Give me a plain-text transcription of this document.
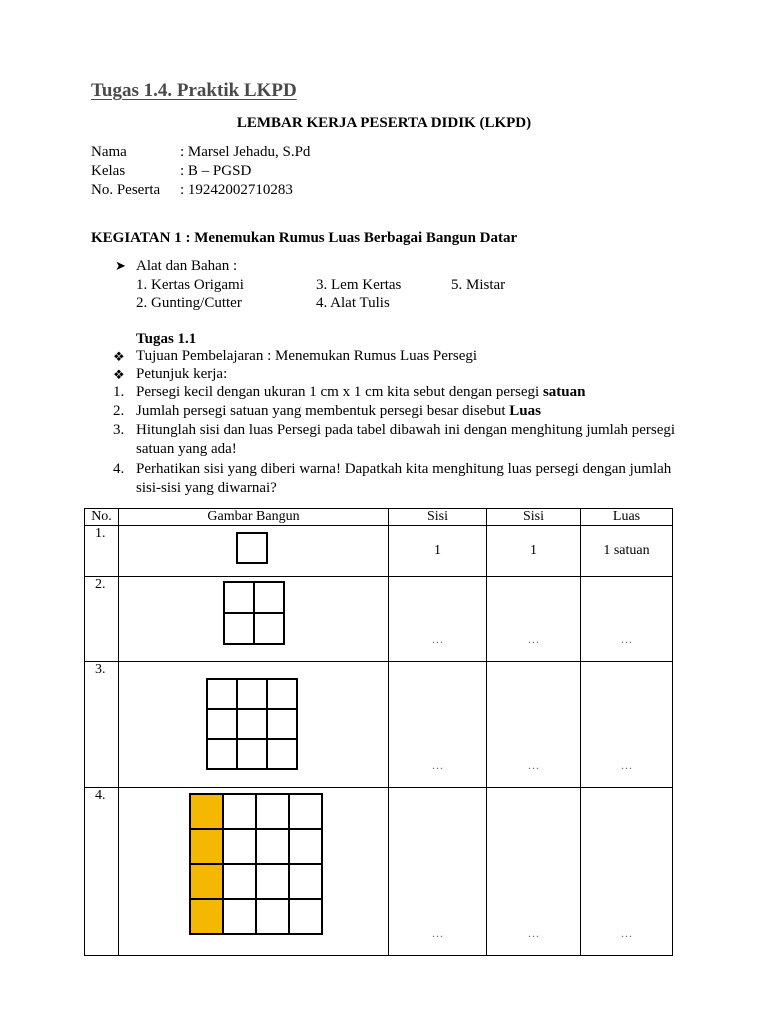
Tugas 1.4. Praktik LKPD
LEMBAR KERJA PESERTA DIDIK (LKPD)
Nama	: Marsel Jehadu, S.Pd
Kelas	: B – PGSD
No. Peserta : 19242002710283
KEGIATAN 1 : Menemukan Rumus Luas Berbagai Bangun Datar
➤ Alat dan Bahan :
1. Kertas Origami
2. Gunting/Cutter
3. Lem Kertas
4. Alat Tulis
5. Mistar
Tugas 1.1
❖ Tujuan Pembelajaran : Menemukan Rumus Luas Persegi
❖ Petunjuk kerja:
1. Persegi kecil dengan ukuran 1 cm x 1 cm kita sebut dengan persegi satuan
2. Jumlah persegi satuan yang membentuk persegi besar disebut Luas
3. Hitunglah sisi dan luas Persegi pada tabel dibawah ini dengan menghitung jumlah persegi
satuan yang ada!
4. Perhatikan sisi yang diberi warna! Dapatkah kita menghitung luas persegi dengan jumlah
sisi-sisi yang diwarnai?
No.	Gambar Bangun	Sisi	Sisi	Luas
1.		1	1	1 satuan
2.		…	…	…
3.		…	…	…
4.		…	…	…
